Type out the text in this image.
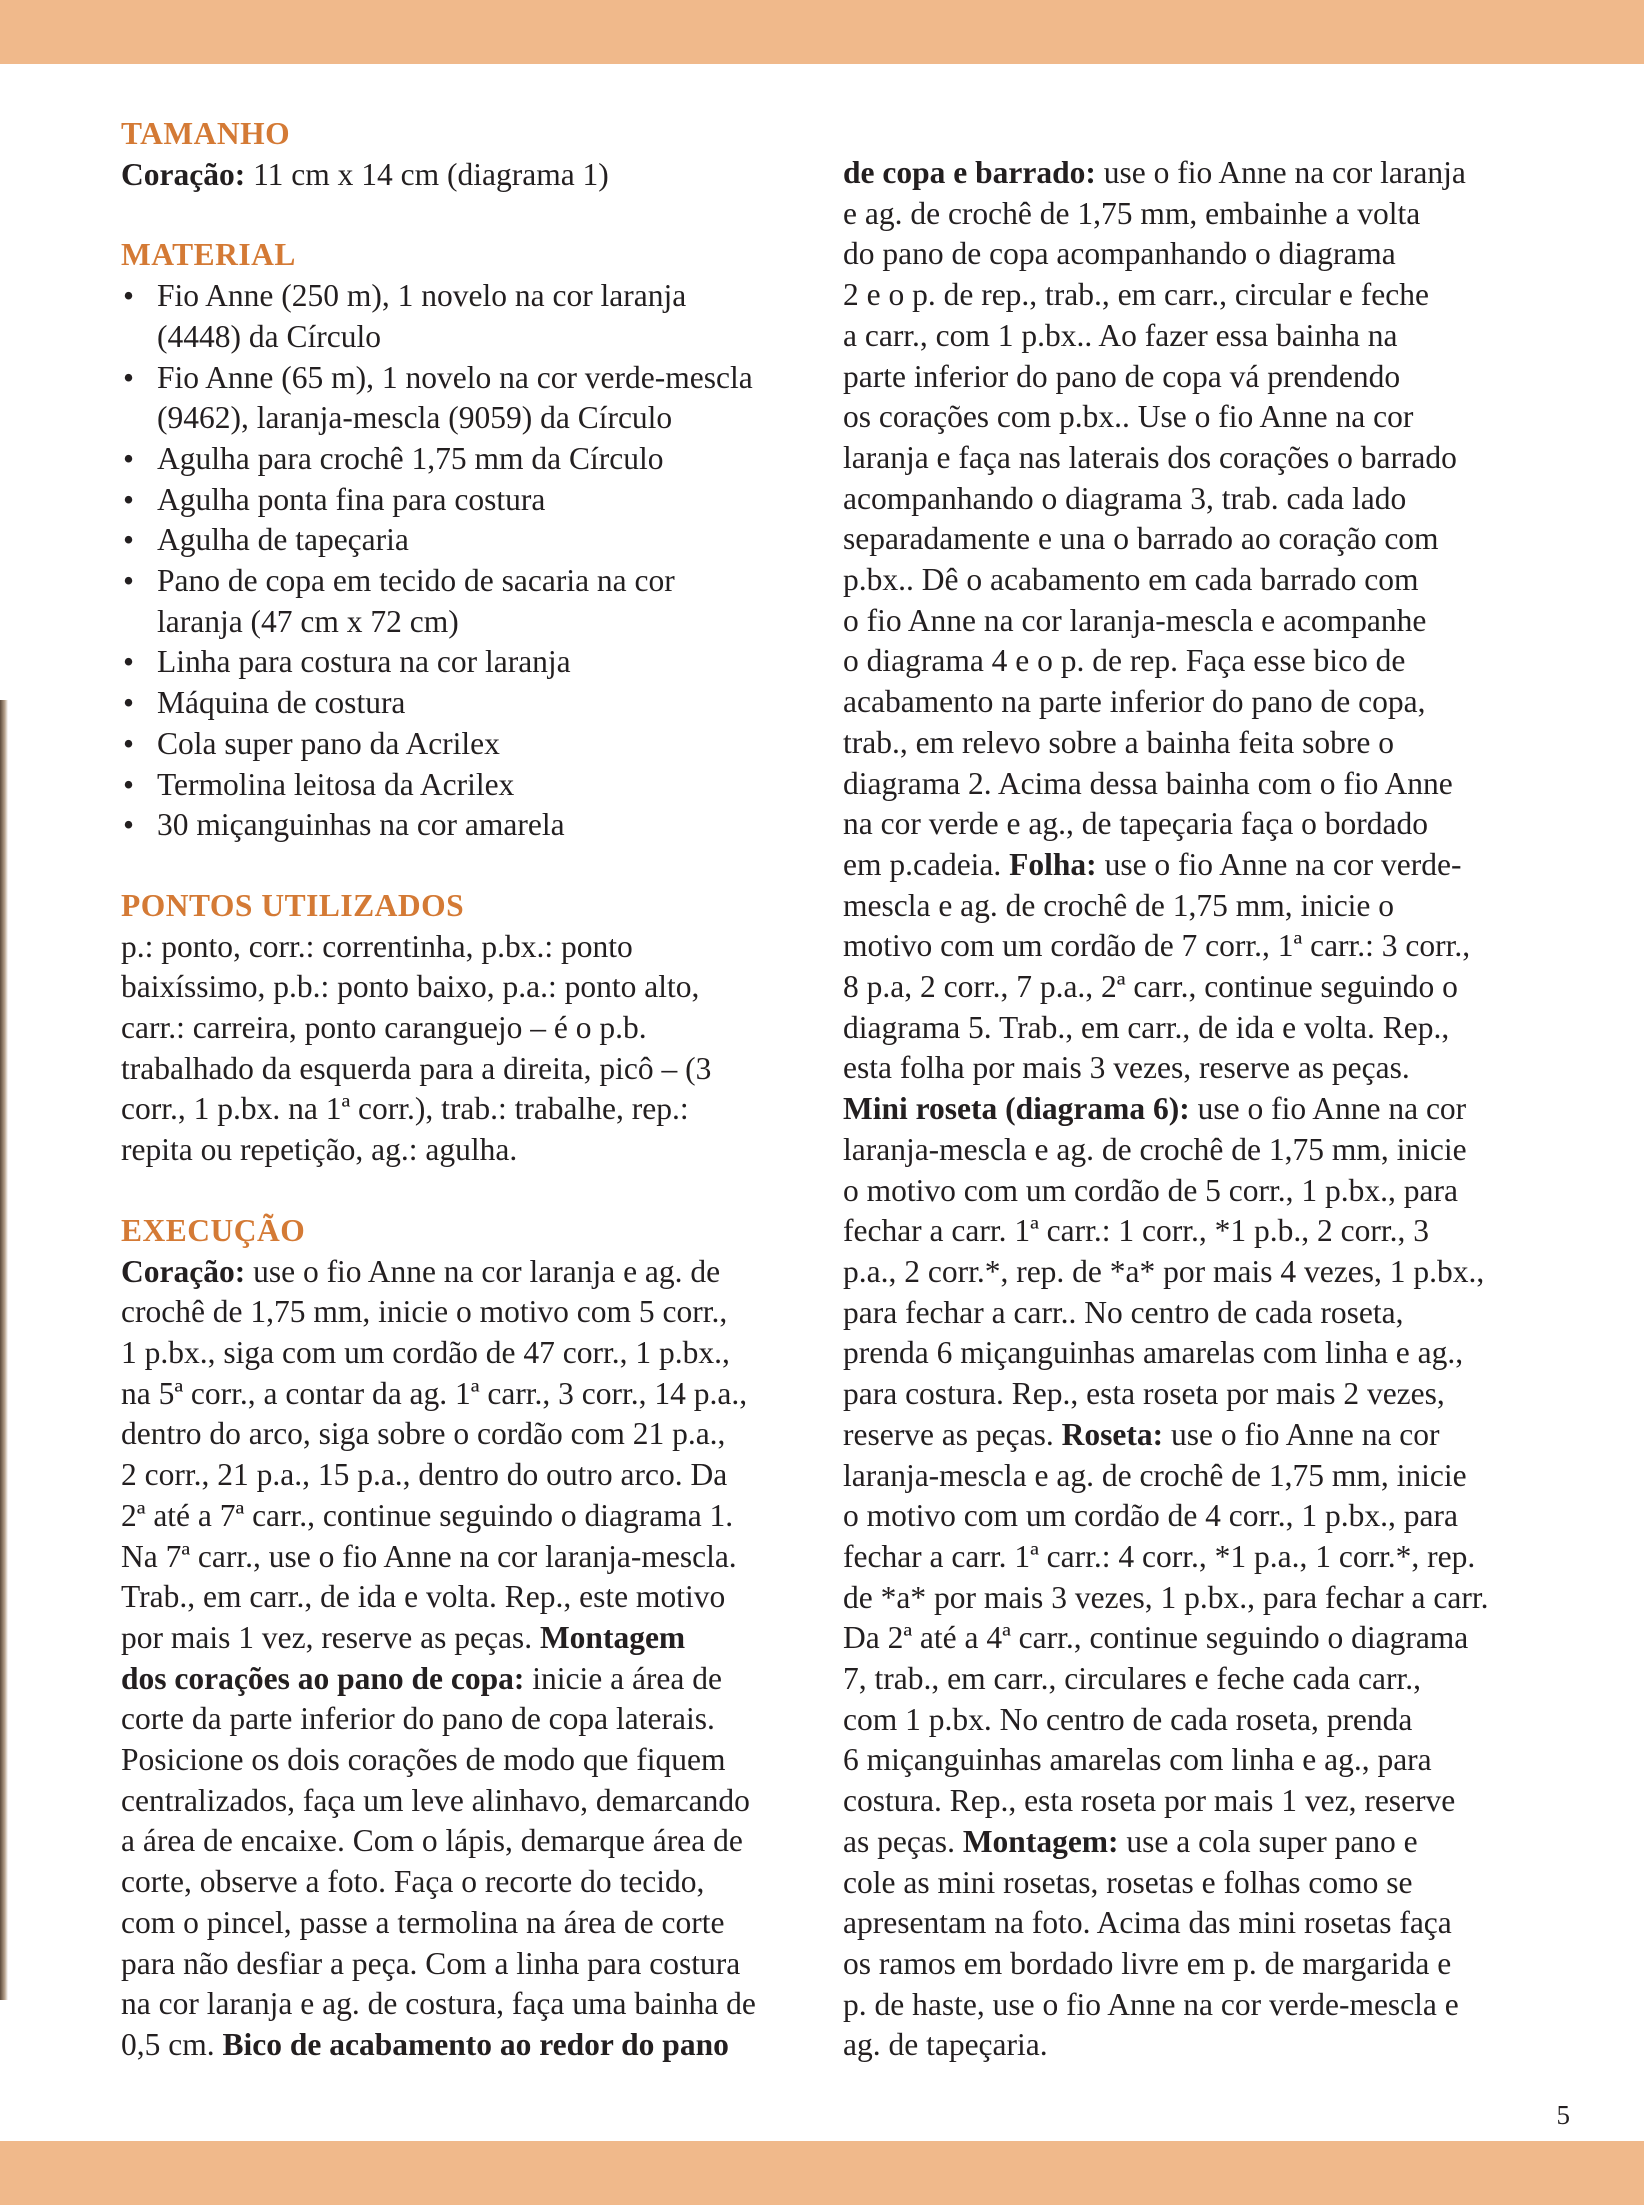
TAMANHO

Coração: 11 cm x 14 cm (diagrama 1)

MATERIAL
• Fio Anne (250 m), 1 novelo na cor laranja
(4448) da Círculo
• Fio Anne (65 m), 1 novelo na cor verde-mescla
(9462), laranja-mescla (9059) da Círculo
• Agulha para crochê 1,75 mm da Círculo
• Agulha ponta fina para costura
• Agulha de tapeçaria
• Pano de copa em tecido de sacaria na cor
laranja (47 cm x 72 cm)
• Linha para costura na cor laranja
• Máquina de costura
• Cola super pano da Acrilex
• Termolina leitosa da Acrilex
• 30 miçanguinhas na cor amarela
PONTOS UTILIZADOS
p.: ponto, corr.: correntinha, p.bx.: ponto
baixíssimo, p.b.: ponto baixo, p.a.: ponto alto,
carr.: carreira, ponto caranguejo – é o p.b.
trabalhado da esquerda para a direita, picô – (3
corr., 1 p.bx. na 1ª corr.), trab.: trabalhe, rep.:
repita ou repetição, ag.: agulha.
EXECUÇÃO
Coração: use o fio Anne na cor laranja e ag. de
crochê de 1,75 mm, inicie o motivo com 5 corr.,
1 p.bx., siga com um cordão de 47 corr., 1 p.bx.,
na 5ª corr., a contar da ag. 1ª carr., 3 corr., 14 p.a.,
dentro do arco, siga sobre o cordão com 21 p.a.,
2 corr., 21 p.a., 15 p.a., dentro do outro arco. Da
2ª até a 7ª carr., continue seguindo o diagrama 1.
Na 7ª carr., use o fio Anne na cor laranja-mescla.
Trab., em carr., de ida e volta. Rep., este motivo
por mais 1 vez, reserve as peças. Montagem
dos corações ao pano de copa: inicie a área de
corte da parte inferior do pano de copa laterais.
Posicione os dois corações de modo que fiquem
centralizados, faça um leve alinhavo, demarcando
a área de encaixe. Com o lápis, demarque área de
corte, observe a foto. Faça o recorte do tecido,
com o pincel, passe a termolina na área de corte
para não desfiar a peça. Com a linha para costura
na cor laranja e ag. de costura, faça uma bainha de
0,5 cm. Bico de acabamento ao redor do pano
de copa e barrado: use o fio Anne na cor laranja
e ag. de crochê de 1,75 mm, embainhe a volta
do pano de copa acompanhando o diagrama
2 e o p. de rep., trab., em carr., circular e feche
a carr., com 1 p.bx.. Ao fazer essa bainha na
parte inferior do pano de copa vá prendendo
os corações com p.bx.. Use o fio Anne na cor
laranja e faça nas laterais dos corações o barrado
acompanhando o diagrama 3, trab. cada lado
separadamente e una o barrado ao coração com
p.bx.. Dê o acabamento em cada barrado com
o fio Anne na cor laranja-mescla e acompanhe
o diagrama 4 e o p. de rep. Faça esse bico de
acabamento na parte inferior do pano de copa,
trab., em relevo sobre a bainha feita sobre o
diagrama 2. Acima dessa bainha com o fio Anne
na cor verde e ag., de tapeçaria faça o bordado
em p.cadeia. Folha: use o fio Anne na cor verde-
mescla e ag. de crochê de 1,75 mm, inicie o
motivo com um cordão de 7 corr., 1ª carr.: 3 corr.,
8 p.a, 2 corr., 7 p.a., 2ª carr., continue seguindo o
diagrama 5. Trab., em carr., de ida e volta. Rep.,
esta folha por mais 3 vezes, reserve as peças.
Mini roseta (diagrama 6): use o fio Anne na cor
laranja-mescla e ag. de crochê de 1,75 mm, inicie
o motivo com um cordão de 5 corr., 1 p.bx., para
fechar a carr. 1ª carr.: 1 corr., *1 p.b., 2 corr., 3
p.a., 2 corr.*, rep. de *a* por mais 4 vezes, 1 p.bx.,
para fechar a carr.. No centro de cada roseta,
prenda 6 miçanguinhas amarelas com linha e ag.,
para costura. Rep., esta roseta por mais 2 vezes,
reserve as peças. Roseta: use o fio Anne na cor
laranja-mescla e ag. de crochê de 1,75 mm, inicie
o motivo com um cordão de 4 corr., 1 p.bx., para
fechar a carr. 1ª carr.: 4 corr., *1 p.a., 1 corr.*, rep.
de *a* por mais 3 vezes, 1 p.bx., para fechar a carr.
Da 2ª até a 4ª carr., continue seguindo o diagrama
7, trab., em carr., circulares e feche cada carr.,
com 1 p.bx. No centro de cada roseta, prenda
6 miçanguinhas amarelas com linha e ag., para
costura. Rep., esta roseta por mais 1 vez, reserve
as peças. Montagem: use a cola super pano e
cole as mini rosetas, rosetas e folhas como se
apresentam na foto. Acima das mini rosetas faça
os ramos em bordado livre em p. de margarida e
p. de haste, use o fio Anne na cor verde-mescla e
ag. de tapeçaria.
5
